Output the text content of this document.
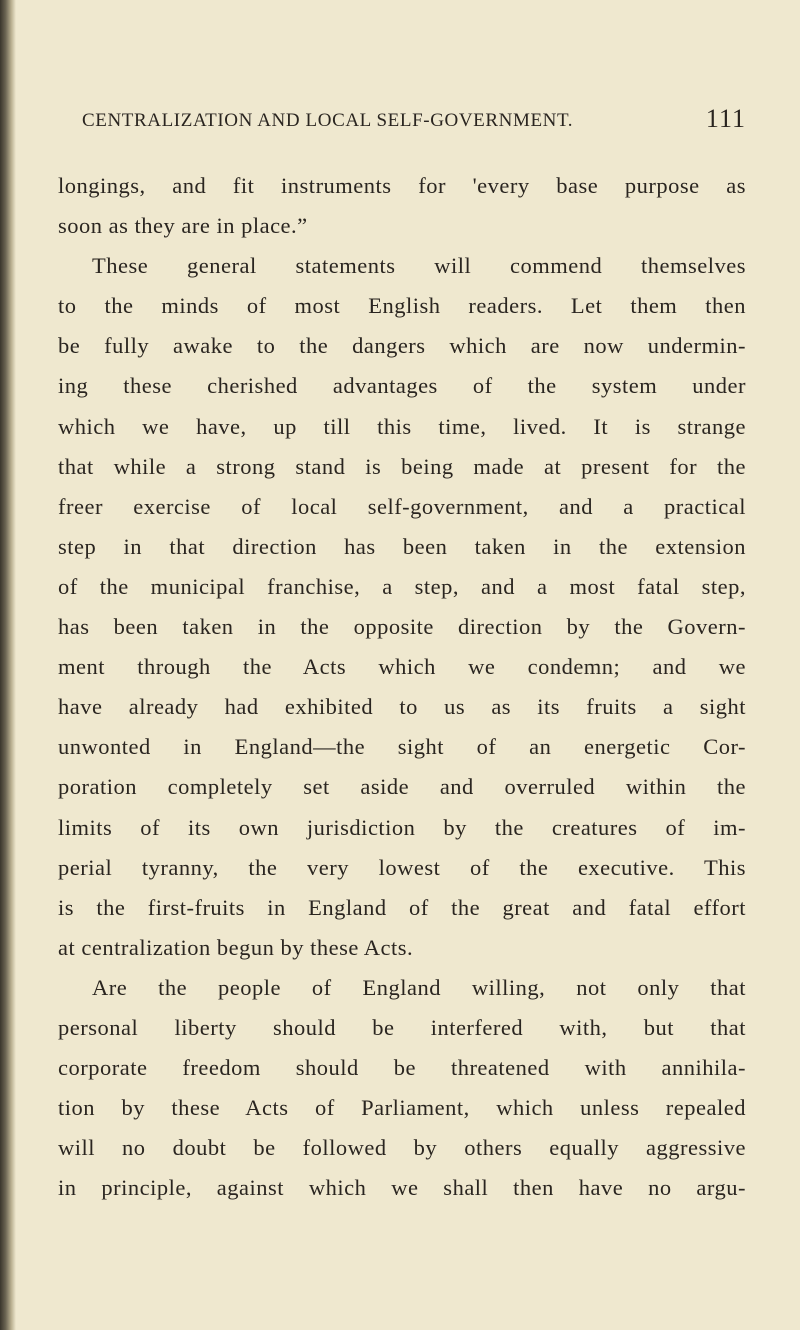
CENTRALIZATION AND LOCAL SELF-GOVERNMENT.	111
longings, and fit instruments for 'every base purpose as
soon as they are in place.”
These general statements will commend themselves
to the minds of most English readers. Let them then
be fully awake to the dangers which are now undermin-
ing these cherished advantages of the system under
which we have, up till this time, lived. It is strange
that while a strong stand is being made at present for the
freer exercise of local self-government, and a practical
step in that direction has been taken in the extension
of the municipal franchise, a step, and a most fatal step,
has been taken in the opposite direction by the Govern-
ment through the Acts which we condemn; and we
have already had exhibited to us as its fruits a sight
unwonted in England—the sight of an energetic Cor-
poration completely set aside and overruled within the
limits of its own jurisdiction by the creatures of im-
perial tyranny, the very lowest of the executive. This
is the first-fruits in England of the great and fatal effort
at centralization begun by these Acts.
Are the people of England willing, not only that
personal liberty should be interfered with, but that
corporate freedom should be threatened with annihila-
tion by these Acts of Parliament, which unless repealed
will no doubt be followed by others equally aggressive
in principle, against which we shall then have no argu-
